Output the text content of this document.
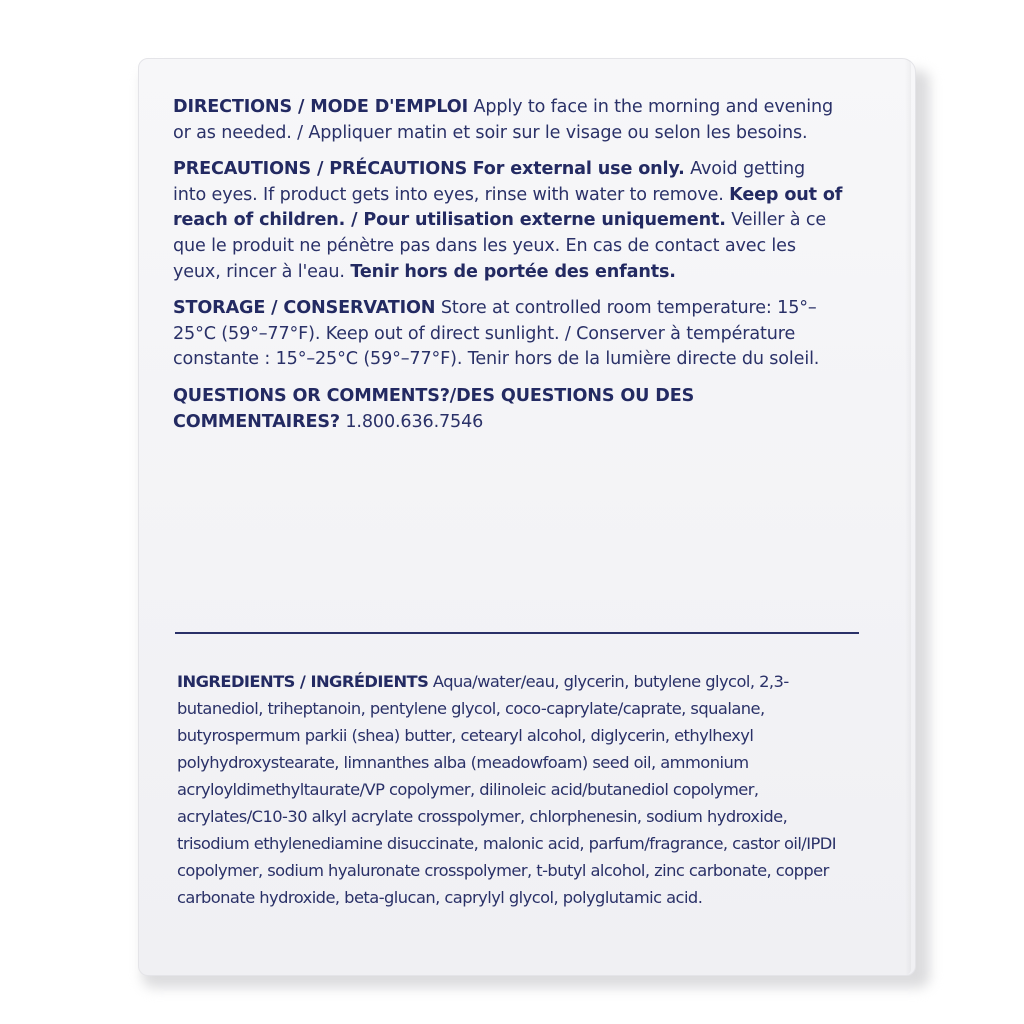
DIRECTIONS / MODE D'EMPLOI Apply to face in the morning and evening or as needed. / Appliquer matin et soir sur le visage ou selon les besoins.
PRECAUTIONS / PRÉCAUTIONS For external use only. Avoid getting into eyes. If product gets into eyes, rinse with water to remove. Keep out of reach of children. / Pour utilisation externe uniquement. Veiller à ce que le produit ne pénètre pas dans les yeux. En cas de contact avec les yeux, rincer à l'eau. Tenir hors de portée des enfants.
STORAGE / CONSERVATION Store at controlled room temperature: 15°–25°C (59°–77°F). Keep out of direct sunlight. / Conserver à température constante : 15°–25°C (59°–77°F). Tenir hors de la lumière directe du soleil.
QUESTIONS OR COMMENTS?/DES QUESTIONS OU DES COMMENTAIRES? 1.800.636.7546
INGREDIENTS / INGRÉDIENTS Aqua/water/eau, glycerin, butylene glycol, 2,3-butanediol, triheptanoin, pentylene glycol, coco-caprylate/caprate, squalane, butyrospermum parkii (shea) butter, cetearyl alcohol, diglycerin, ethylhexyl polyhydroxystearate, limnanthes alba (meadowfoam) seed oil, ammonium acryloyldimethyltaurate/VP copolymer, dilinoleic acid/butanediol copolymer, acrylates/C10-30 alkyl acrylate crosspolymer, chlorphenesin, sodium hydroxide, trisodium ethylenediamine disuccinate, malonic acid, parfum/fragrance, castor oil/IPDI copolymer, sodium hyaluronate crosspolymer, t-butyl alcohol, zinc carbonate, copper carbonate hydroxide, beta-glucan, caprylyl glycol, polyglutamic acid.
